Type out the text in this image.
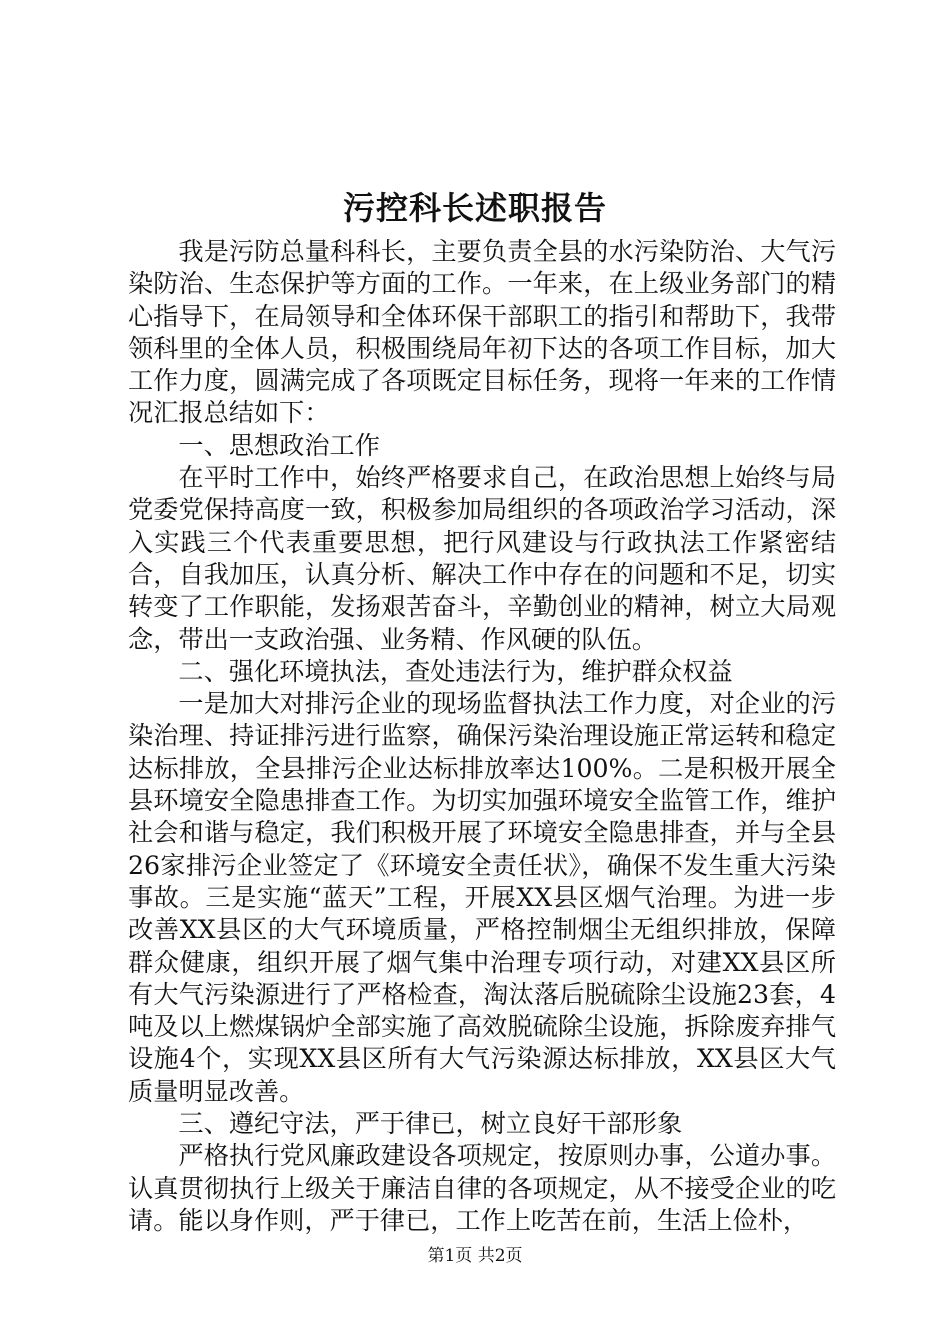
污控科长述职报告

我是污防总量科科长，主要负责全县的水污染防治、大气污染防治、生态保护等方面的工作。一年来，在上级业务部门的精心指导下，在局领导和全体环保干部职工的指引和帮助下，我带领科里的全体人员，积极围绕局年初下达的各项工作目标，加大工作力度，圆满完成了各项既定目标任务，现将一年来的工作情况汇报总结如下：

一、思想政治工作

在平时工作中，始终严格要求自己，在政治思想上始终与局党委党保持高度一致，积极参加局组织的各项政治学习活动，深入实践三个代表重要思想，把行风建设与行政执法工作紧密结合，自我加压，认真分析、解决工作中存在的问题和不足，切实转变了工作职能，发扬艰苦奋斗，辛勤创业的精神，树立大局观念，带出一支政治强、业务精、作风硬的队伍。

二、强化环境执法，查处违法行为，维护群众权益

一是加大对排污企业的现场监督执法工作力度，对企业的污染治理、持证排污进行监察，确保污染治理设施正常运转和稳定达标排放，全县排污企业达标排放率达100%。二是积极开展全县环境安全隐患排查工作。为切实加强环境安全监管工作，维护社会和谐与稳定，我们积极开展了环境安全隐患排查，并与全县26家排污企业签定了《环境安全责任状》，确保不发生重大污染事故。三是实施“蓝天”工程，开展XX县区烟气治理。为进一步改善XX县区的大气环境质量，严格控制烟尘无组织排放，保障群众健康，组织开展了烟气集中治理专项行动，对建XX县区所有大气污染源进行了严格检查，淘汰落后脱硫除尘设施23套，4吨及以上燃煤锅炉全部实施了高效脱硫除尘设施，拆除废弃排气设施4个，实现XX县区所有大气污染源达标排放，XX县区大气质量明显改善。

三、遵纪守法，严于律已，树立良好干部形象

严格执行党风廉政建设各项规定，按原则办事，公道办事。认真贯彻执行上级关于廉洁自律的各项规定，从不接受企业的吃请。能以身作则，严于律已，工作上吃苦在前，生活上俭朴，

第1页 共2页
